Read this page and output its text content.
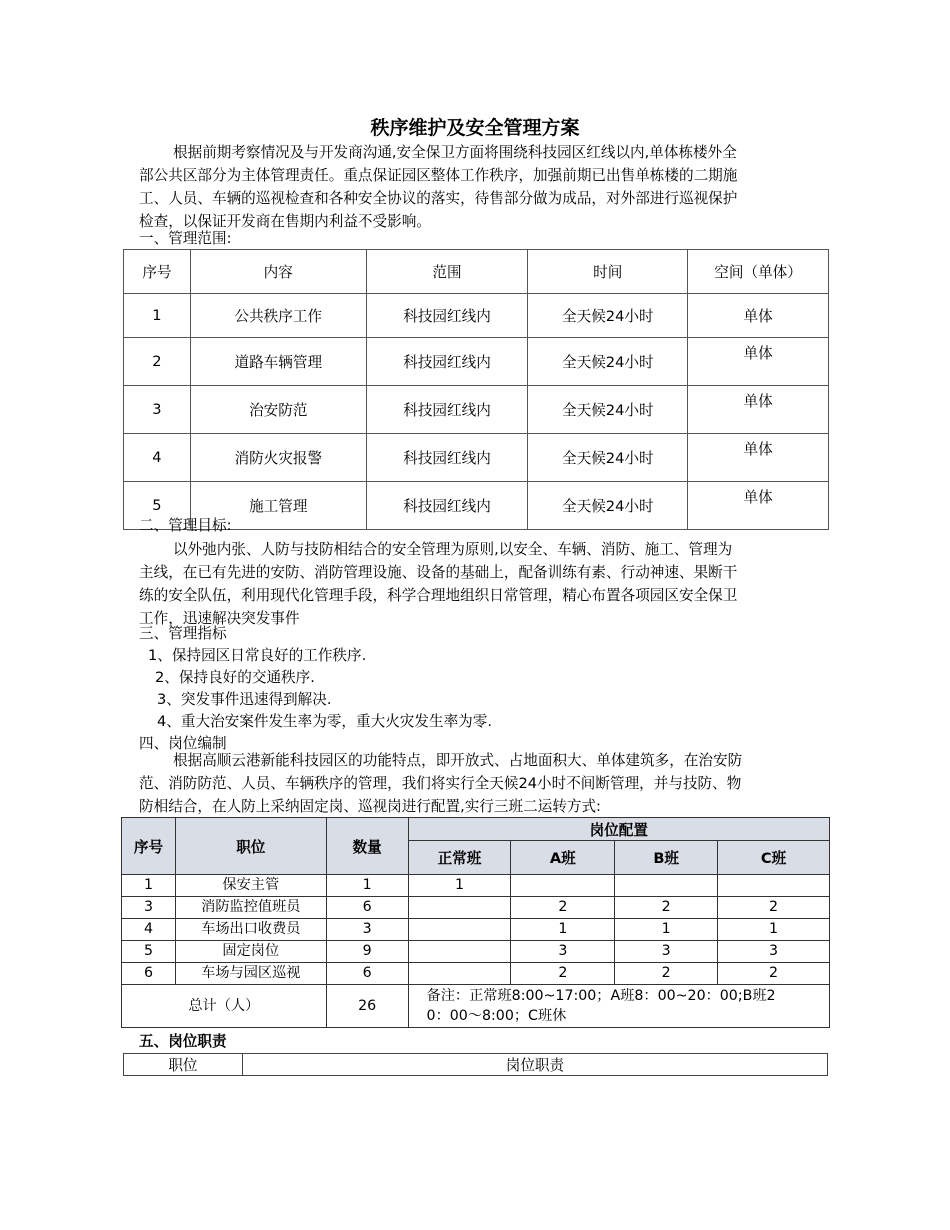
秩序维护及安全管理方案
根据前期考察情况及与开发商沟通,安全保卫方面将围绕科技园区红线以内,单体栋楼外全
部公共区部分为主体管理责任。重点保证园区整体工作秩序，加强前期已出售单栋楼的二期施
工、人员、车辆的巡视检查和各种安全协议的落实，待售部分做为成品，对外部进行巡视保护
检查，以保证开发商在售期内利益不受影响。
一、管理范围:
序号	内容	范围	时间	空间（单体）
1	公共秩序工作	科技园红线内	全天候24小时	单体
2	道路车辆管理	科技园红线内	全天候24小时	单体
3	治安防范	科技园红线内	全天候24小时	单体
4	消防火灾报警	科技园红线内	全天候24小时	单体
5	施工管理	科技园红线内	全天候24小时	单体
二、管理目标:
以外弛内张、人防与技防相结合的安全管理为原则,以安全、车辆、消防、施工、管理为
主线，在已有先进的安防、消防管理设施、设备的基础上，配备训练有素、行动神速、果断干
练的安全队伍，利用现代化管理手段，科学合理地组织日常管理，精心布置各项园区安全保卫
工作，迅速解决突发事件
三、管理指标
1、保持园区日常良好的工作秩序.
2、保持良好的交通秩序.
3、突发事件迅速得到解决.
4、重大治安案件发生率为零，重大火灾发生率为零.
四、岗位编制
根据高顺云港新能科技园区的功能特点，即开放式、占地面积大、单体建筑多，在治安防
范、消防防范、人员、车辆秩序的管理，我们将实行全天候24小时不间断管理，并与技防、物
防相结合，在人防上采纳固定岗、巡视岗进行配置,实行三班二运转方式:
序号	职位	数量	岗位配置			
			正常班	A班	B班	C班
1	保安主管	1	1			
3	消防监控值班员	6		2	2	2
4	车场出口收费员	3		1	1	1
5	固定岗位	9		3	3	3
6	车场与园区巡视	6		2	2	2
总计（人）		26	备注：正常班8:00~17:00；A班8：00~20：00;B班2
0：00～8:00；C班休			
五、岗位职责
职位	岗位职责
